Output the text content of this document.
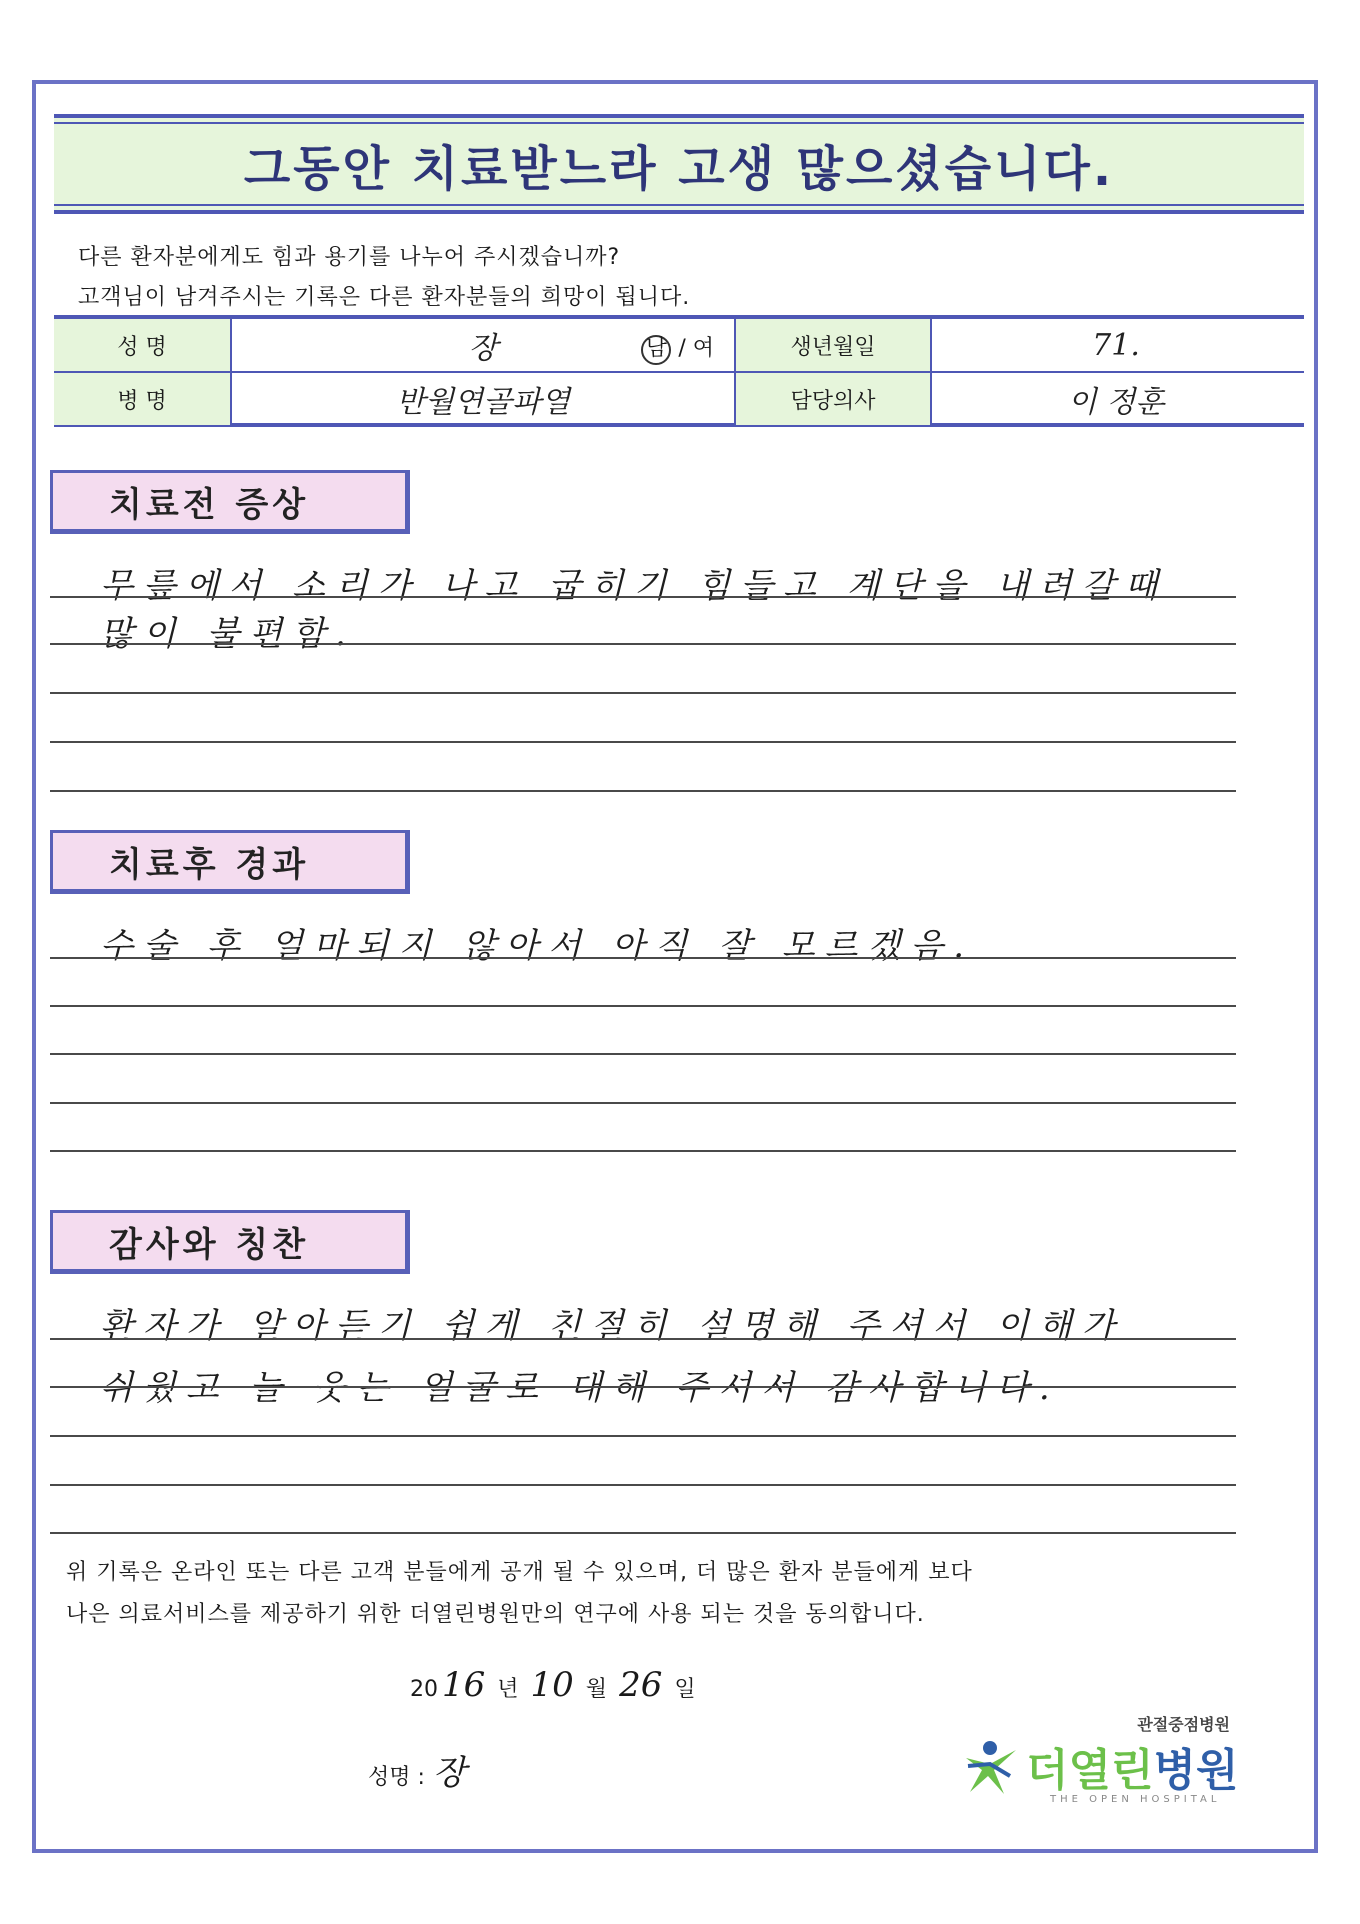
그동안 치료받느라 고생 많으셨습니다.
다른 환자분에게도 힘과 용기를 나누어 주시겠습니까?
고객님이 남겨주시는 기록은 다른 환자분들의 희망이 됩니다.
성 명	장	남 / 여	생년월일	71.
병 명	반월연골파열	담당의사	이 정훈
치료전 증상
무릎에서 소리가 나고 굽히기 힘들고 계단을 내려갈때
많이 불편함.
치료후 경과
수술 후 얼마되지 않아서 아직 잘 모르겠음.
감사와 칭찬
환자가 알아듣기 쉽게 친절히 설명해 주셔서 이해가
쉬웠고 늘 웃는 얼굴로 대해 주셔서 감사합니다.
위 기록은 온라인 또는 다른 고객 분들에게 공개 될 수 있으며, 더 많은 환자 분들에게 보다
나은 의료서비스를 제공하기 위한 더열린병원만의 연구에 사용 되는 것을 동의합니다.
20 16 년 10 월 26 일
성명 : 장
관절중점병원
더열린병원
THE OPEN HOSPITAL
